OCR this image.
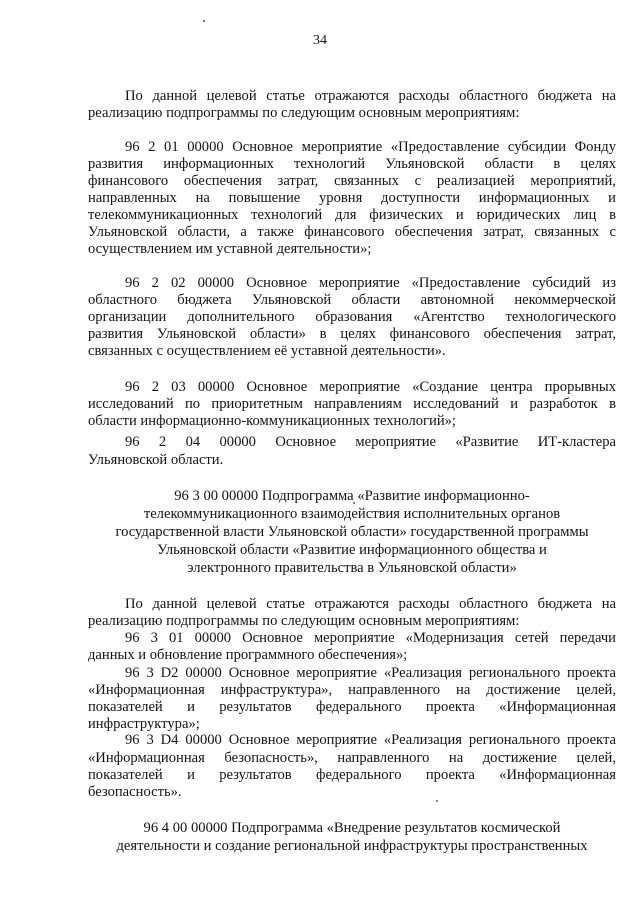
34
По данной целевой статье отражаются расходы областного бюджета на
реализацию подпрограммы по следующим основным мероприятиям:
96 2 01 00000 Основное мероприятие «Предоставление субсидии Фонду
развития информационных технологий Ульяновской области в целях
финансового обеспечения затрат, связанных с реализацией мероприятий,
направленных на повышение уровня доступности информационных и
телекоммуникационных технологий для физических и юридических лиц в
Ульяновской области, а также финансового обеспечения затрат, связанных с
осуществлением им уставной деятельности»;
96 2 02 00000 Основное мероприятие «Предоставление субсидий из
областного бюджета Ульяновской области автономной некоммерческой
организации дополнительного образования «Агентство технологического
развития Ульяновской области» в целях финансового обеспечения затрат,
связанных с осуществлением её уставной деятельности».
96 2 03 00000 Основное мероприятие «Создание центра прорывных
исследований по приоритетным направлениям исследований и разработок в
области информационно-коммуникационных технологий»;
96 2 04 00000 Основное мероприятие «Развитие ИТ-кластера
Ульяновской области.
96 3 00 00000 Подпрограмма «Развитие информационно-
телекоммуникационного взаимодействия исполнительных органов
государственной власти Ульяновской области» государственной программы
Ульяновской области «Развитие информационного общества и
электронного правительства в Ульяновской области»
По данной целевой статье отражаются расходы областного бюджета на
реализацию подпрограммы по следующим основным мероприятиям:
96 3 01 00000 Основное мероприятие «Модернизация сетей передачи
данных и обновление программного обеспечения»;
96 3 D2 00000 Основное мероприятие «Реализация регионального проекта
«Информационная инфраструктура», направленного на достижение целей,
показателей и результатов федерального проекта «Информационная
инфраструктура»;
96 3 D4 00000 Основное мероприятие «Реализация регионального проекта
«Информационная безопасность», направленного на достижение целей,
показателей и результатов федерального проекта «Информационная
безопасность».
96 4 00 00000 Подпрограмма «Внедрение результатов космической
деятельности и создание региональной инфраструктуры пространственных
